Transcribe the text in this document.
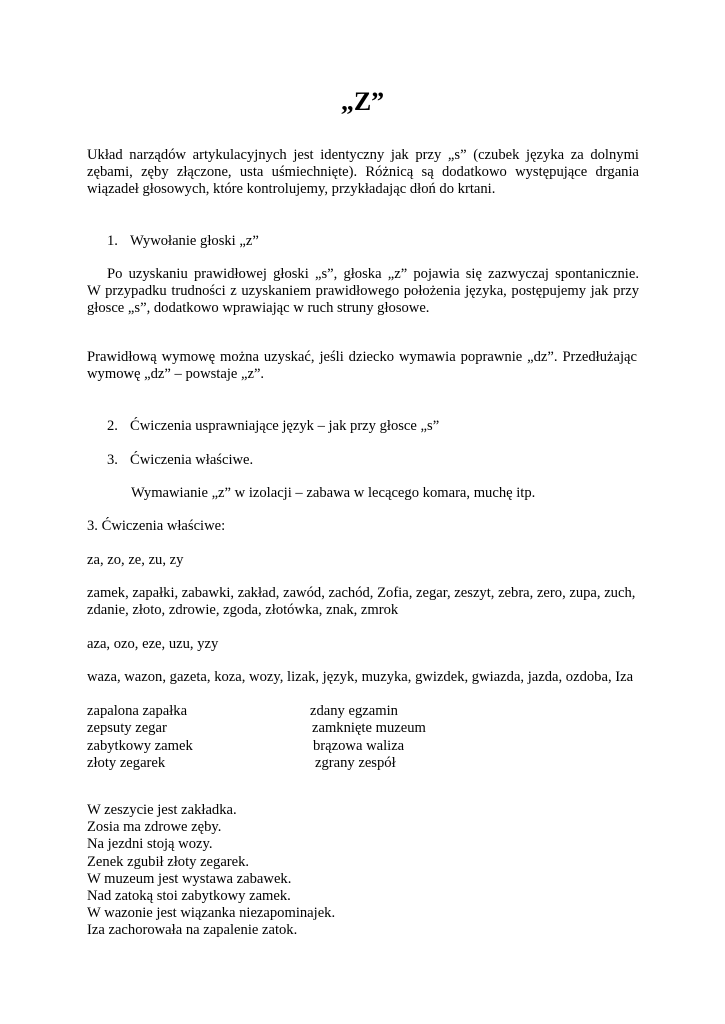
„Z”
Układ narządów artykulacyjnych jest identyczny jak przy „s” (czubek języka za dolnymi
zębami, zęby złączone, usta uśmiechnięte). Różnicą są dodatkowo występujące drgania
wiązadeł głosowych, które kontrolujemy, przykładając dłoń do krtani.
1. Wywołanie głoski „z”
Po uzyskaniu prawidłowej głoski „s”, głoska „z” pojawia się zazwyczaj spontanicznie.
W przypadku trudności z uzyskaniem prawidłowego położenia języka, postępujemy jak przy
głosce „s”, dodatkowo wprawiając w ruch struny głosowe.
Prawidłową wymowę można uzyskać, jeśli dziecko wymawia poprawnie „dz”. Przedłużając
wymowę „dz” – powstaje „z”.
2. Ćwiczenia usprawniające język – jak przy głosce „s”
3. Ćwiczenia właściwe.
Wymawianie „z” w izolacji – zabawa w lecącego komara, muchę itp.
3. Ćwiczenia właściwe:
za, zo, ze, zu, zy
zamek, zapałki, zabawki, zakład, zawód, zachód, Zofia, zegar, zeszyt, zebra, zero, zupa, zuch,
zdanie, złoto, zdrowie, zgoda, złotówka, znak, zmrok
aza, ozo, eze, uzu, yzy
waza, wazon, gazeta, koza, wozy, lizak, język, muzyka, gwizdek, gwiazda, jazda, ozdoba, Iza
zapalona zapałka	zdany egzamin
zepsuty zegar	zamknięte muzeum
zabytkowy zamek	brązowa waliza
złoty zegarek	zgrany zespół
W zeszycie jest zakładka.
Zosia ma zdrowe zęby.
Na jezdni stoją wozy.
Zenek zgubił złoty zegarek.
W muzeum jest wystawa zabawek.
Nad zatoką stoi zabytkowy zamek.
W wazonie jest wiązanka niezapominajek.
Iza zachorowała na zapalenie zatok.
